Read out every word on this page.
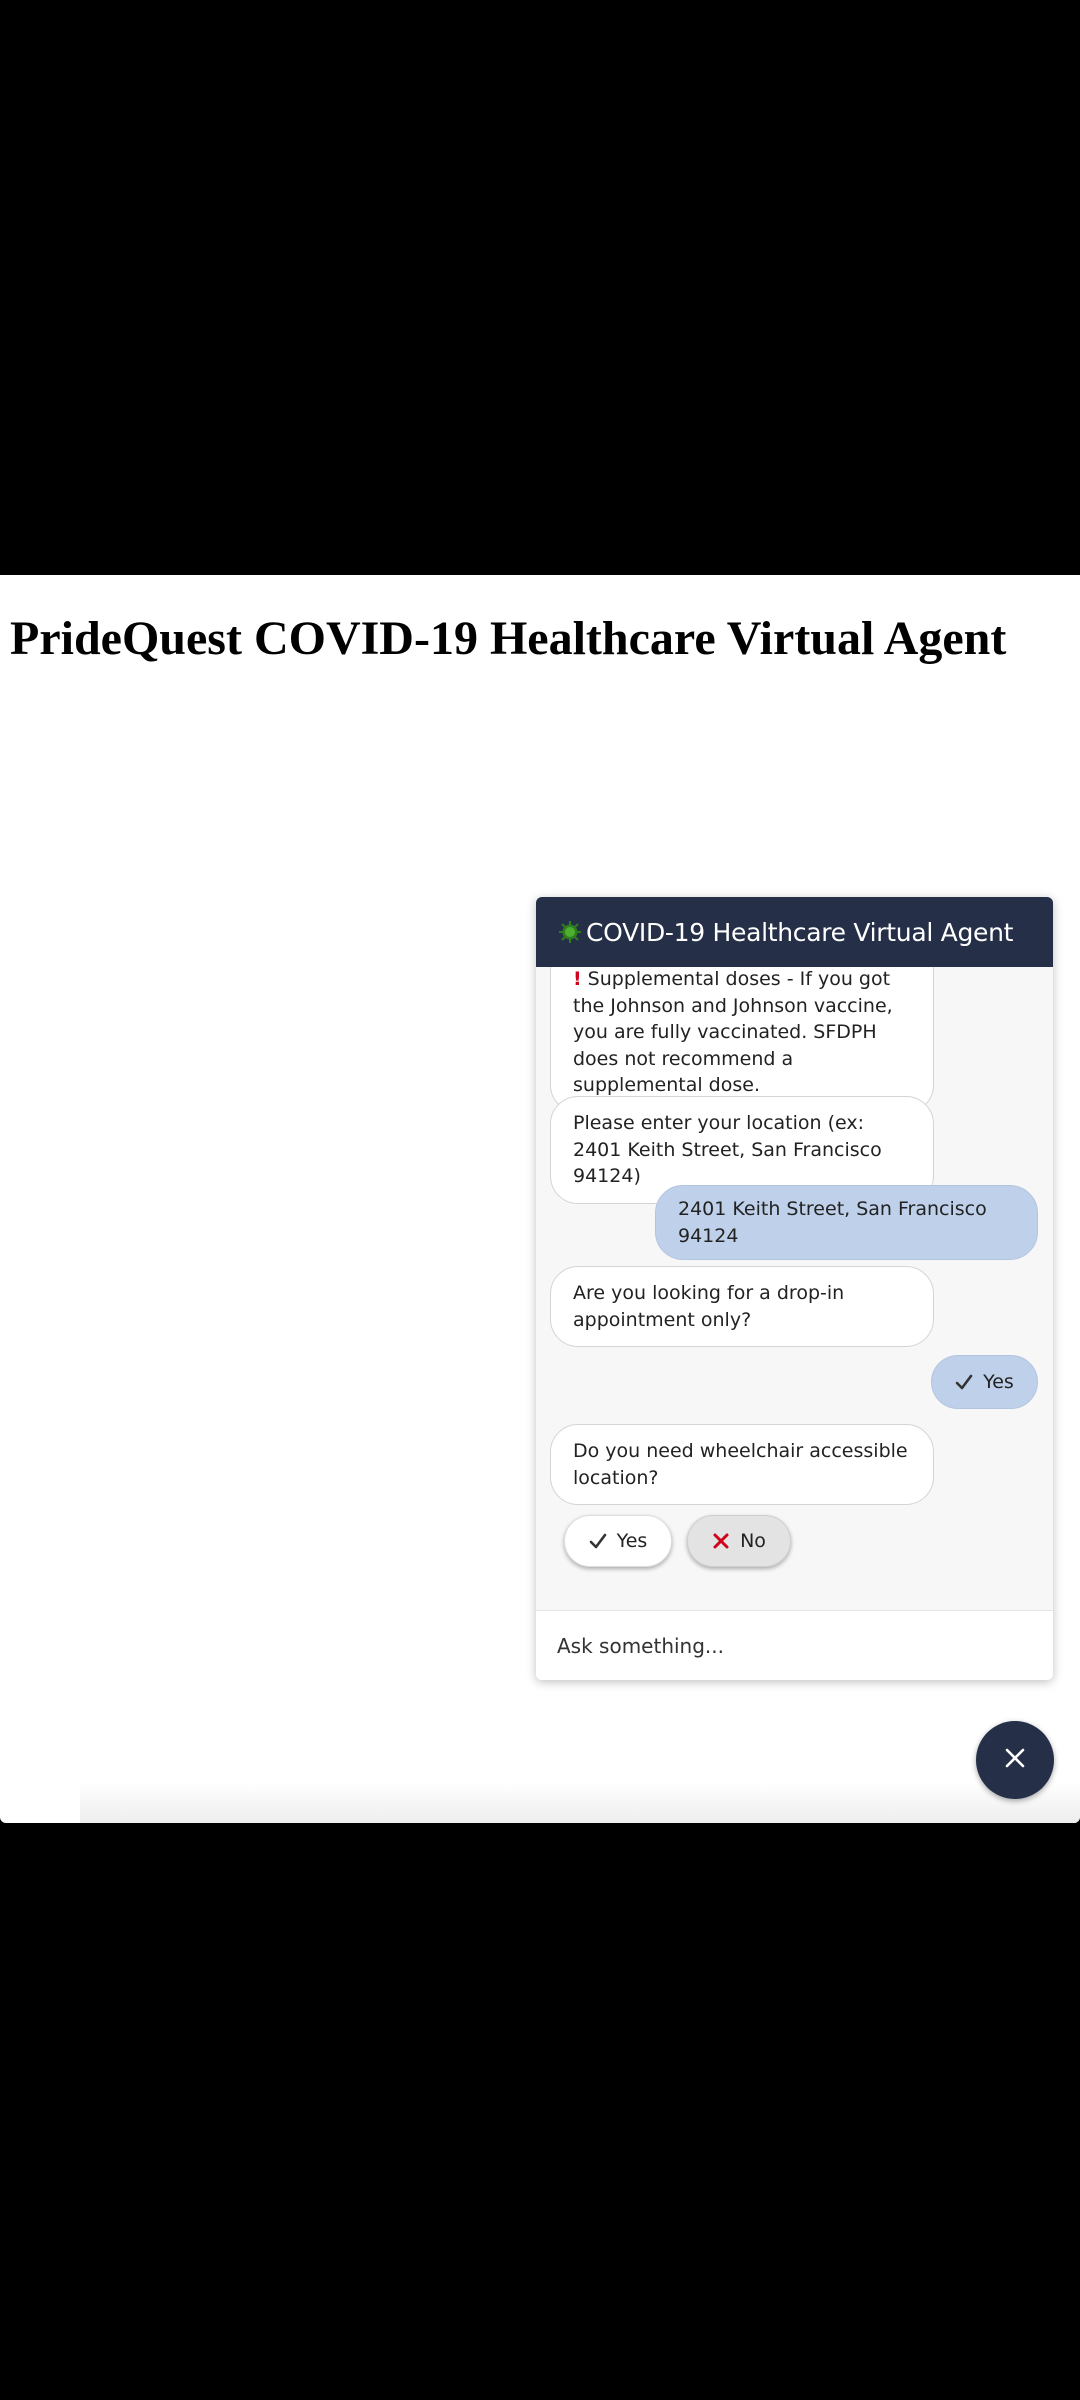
PrideQuest COVID-19 Healthcare Virtual Agent
COVID-19 Healthcare Virtual Agent
! Supplemental doses - If you got the Johnson and Johnson vaccine, you are fully vaccinated. SFDPH does not recommend a supplemental dose.
Please enter your location (ex: 2401 Keith Street, San Francisco 94124)
2401 Keith Street, San Francisco 94124
Are you looking for a drop-in appointment only?
Yes
Do you need wheelchair accessible location?
Yes	No
Ask something...
